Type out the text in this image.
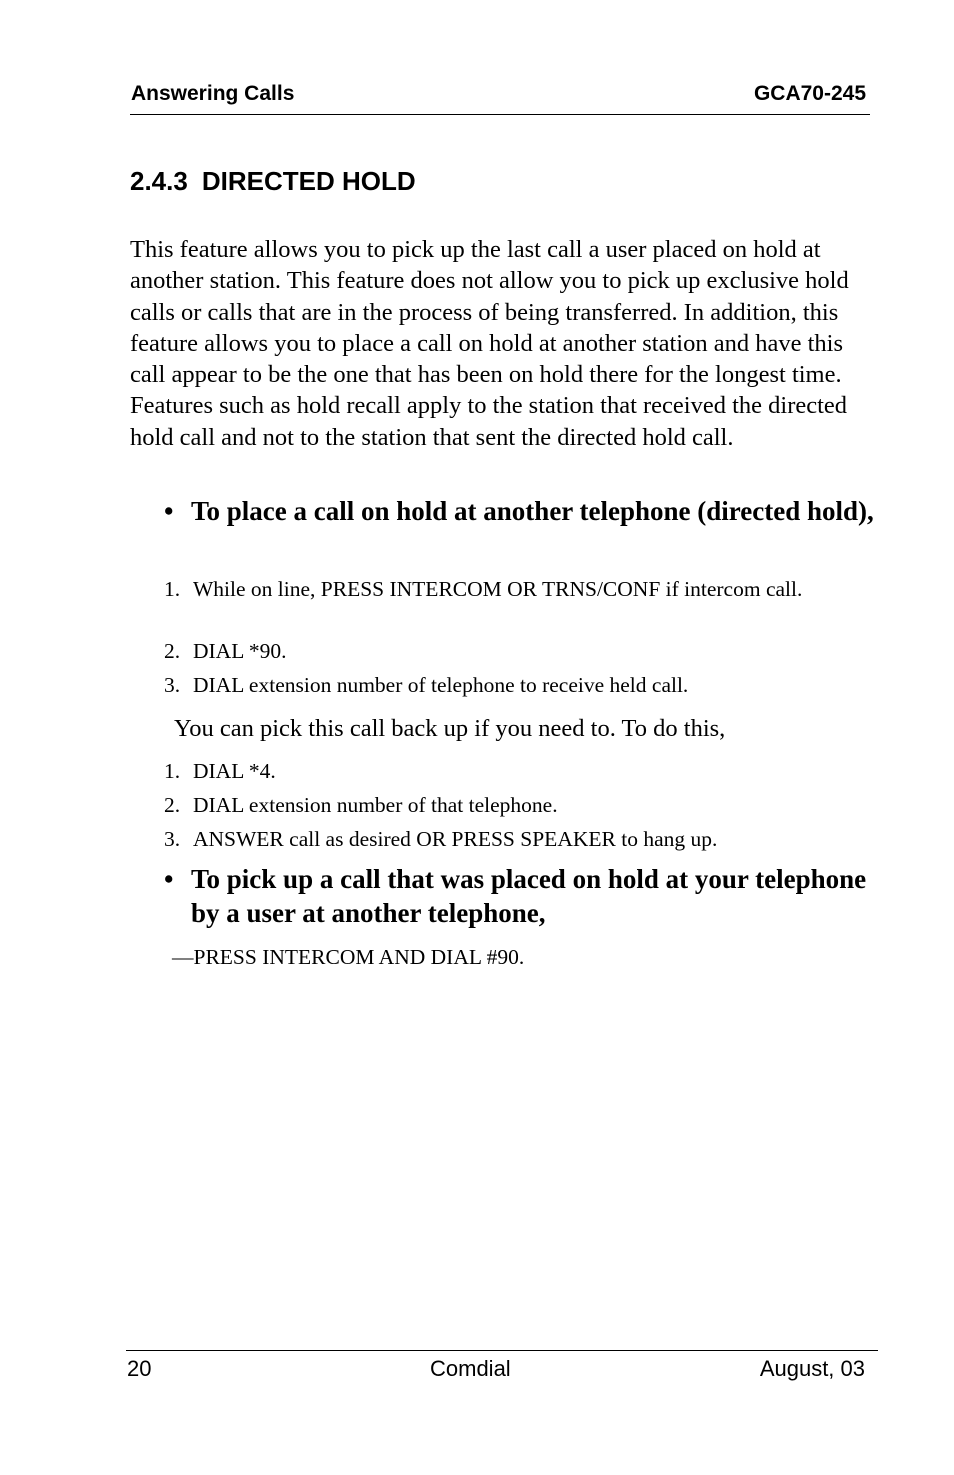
Answering Calls	GCA70-245
2.4.3 DIRECTED HOLD
This feature allows you to pick up the last call a user placed on hold at another station. This feature does not allow you to pick up exclusive hold calls or calls that are in the process of being transferred. In addition, this feature allows you to place a call on hold at another station and have this call appear to be the one that has been on hold there for the longest time. Features such as hold recall apply to the station that received the directed hold call and not to the station that sent the directed hold call.
• To place a call on hold at another telephone (directed hold),
1. While on line, PRESS INTERCOM OR TRNS/CONF if intercom call.
2. DIAL *90.
3. DIAL extension number of telephone to receive held call.
You can pick this call back up if you need to. To do this,
1. DIAL *4.
2. DIAL extension number of that telephone.
3. ANSWER call as desired OR PRESS SPEAKER to hang up.
• To pick up a call that was placed on hold at your telephone by a user at another telephone,
—PRESS INTERCOM AND DIAL #90.
20	Comdial	August, 03
